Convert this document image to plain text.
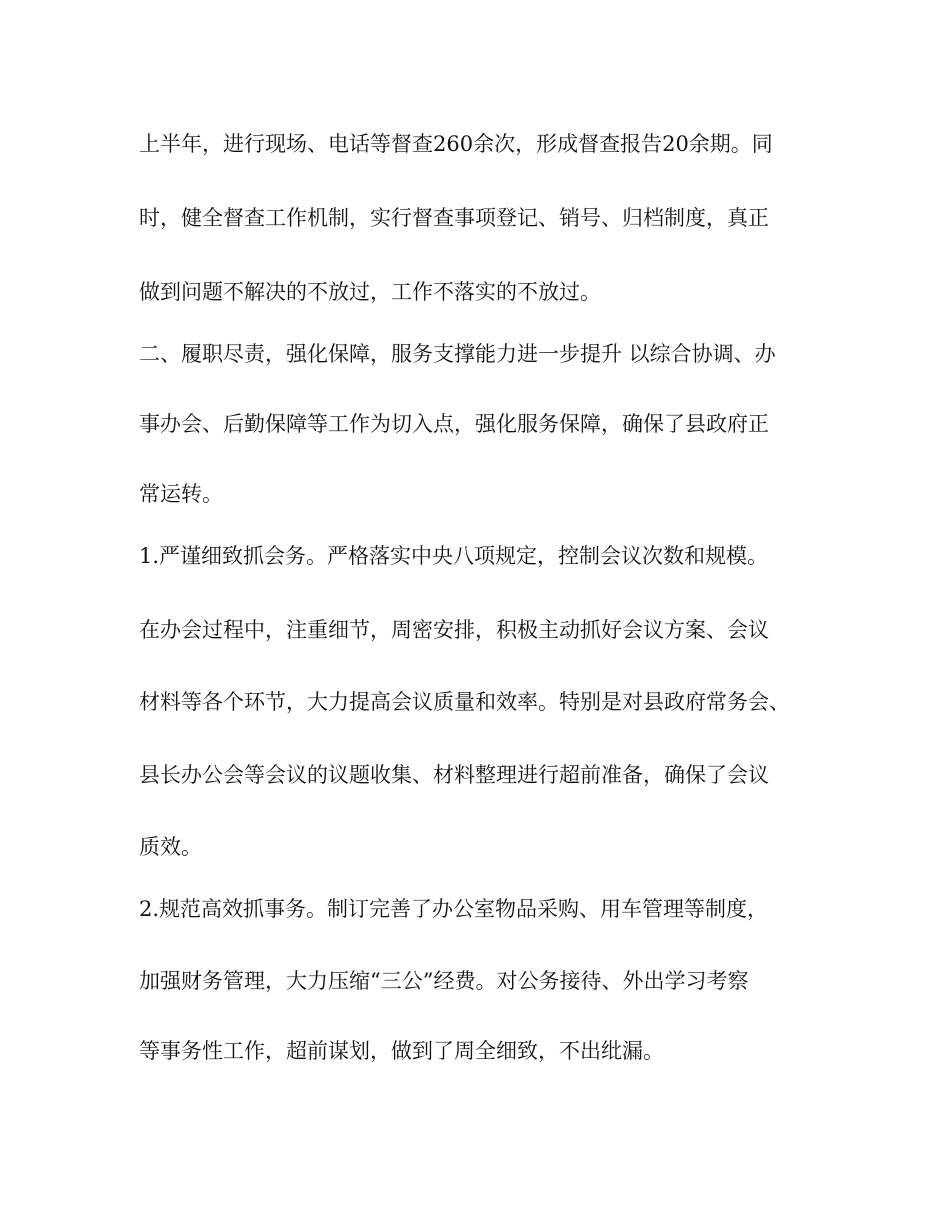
上半年，进行现场、电话等督查260余次，形成督查报告20余期。同
时，健全督查工作机制，实行督查事项登记、销号、归档制度，真正
做到问题不解决的不放过，工作不落实的不放过。
二、履职尽责，强化保障，服务支撑能力进一步提升 以综合协调、办
事办会、后勤保障等工作为切入点，强化服务保障，确保了县政府正
常运转。
1.严谨细致抓会务。严格落实中央八项规定，控制会议次数和规模。
在办会过程中，注重细节，周密安排，积极主动抓好会议方案、会议
材料等各个环节，大力提高会议质量和效率。特别是对县政府常务会、
县长办公会等会议的议题收集、材料整理进行超前准备，确保了会议
质效。
2.规范高效抓事务。制订完善了办公室物品采购、用车管理等制度，
加强财务管理，大力压缩“三公”经费。对公务接待、外出学习考察
等事务性工作，超前谋划，做到了周全细致，不出纰漏。
